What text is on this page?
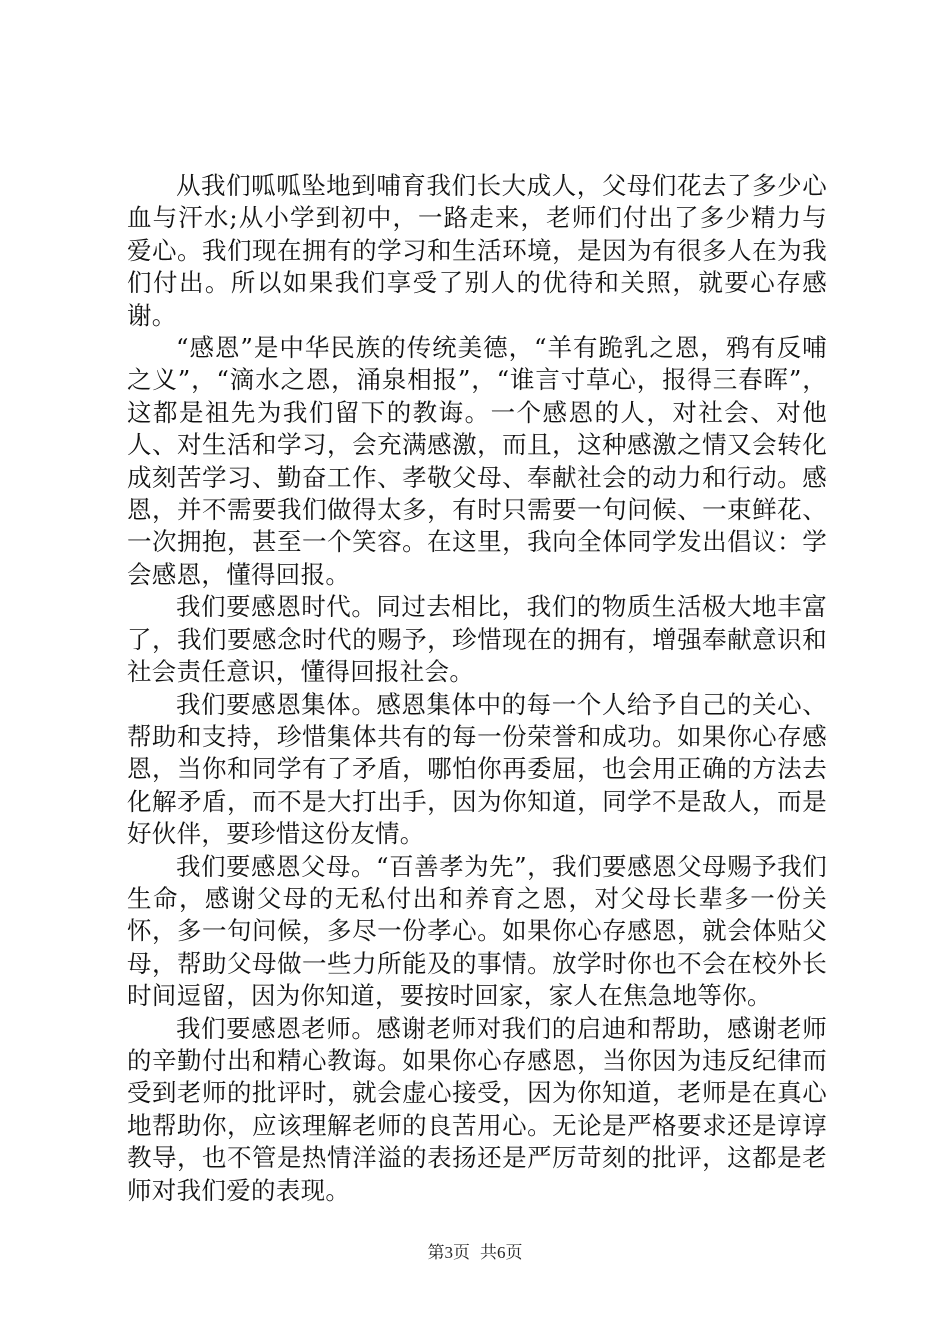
从我们呱呱坠地到哺育我们长大成人，父母们花去了多少心血与汗水;从小学到初中，一路走来，老师们付出了多少精力与爱心。我们现在拥有的学习和生活环境，是因为有很多人在为我们付出。所以如果我们享受了别人的优待和关照，就要心存感谢。

“感恩”是中华民族的传统美德，“羊有跪乳之恩，鸦有反哺之义”，“滴水之恩，涌泉相报”，“谁言寸草心，报得三春晖”，这都是祖先为我们留下的教诲。一个感恩的人，对社会、对他人、对生活和学习，会充满感激，而且，这种感激之情又会转化成刻苦学习、勤奋工作、孝敬父母、奉献社会的动力和行动。感恩，并不需要我们做得太多，有时只需要一句问候、一束鲜花、一次拥抱，甚至一个笑容。在这里，我向全体同学发出倡议：学会感恩，懂得回报。

我们要感恩时代。同过去相比，我们的物质生活极大地丰富了，我们要感念时代的赐予，珍惜现在的拥有，增强奉献意识和社会责任意识，懂得回报社会。

我们要感恩集体。感恩集体中的每一个人给予自己的关心、帮助和支持，珍惜集体共有的每一份荣誉和成功。如果你心存感恩，当你和同学有了矛盾，哪怕你再委屈，也会用正确的方法去化解矛盾，而不是大打出手，因为你知道，同学不是敌人，而是好伙伴，要珍惜这份友情。

我们要感恩父母。“百善孝为先”，我们要感恩父母赐予我们生命，感谢父母的无私付出和养育之恩，对父母长辈多一份关怀，多一句问候，多尽一份孝心。如果你心存感恩，就会体贴父母，帮助父母做一些力所能及的事情。放学时你也不会在校外长时间逗留，因为你知道，要按时回家，家人在焦急地等你。

我们要感恩老师。感谢老师对我们的启迪和帮助，感谢老师的辛勤付出和精心教诲。如果你心存感恩，当你因为违反纪律而受到老师的批评时，就会虚心接受，因为你知道，老师是在真心地帮助你，应该理解老师的良苦用心。无论是严格要求还是谆谆教导，也不管是热情洋溢的表扬还是严厉苛刻的批评，这都是老师对我们爱的表现。

第3页 共6页
